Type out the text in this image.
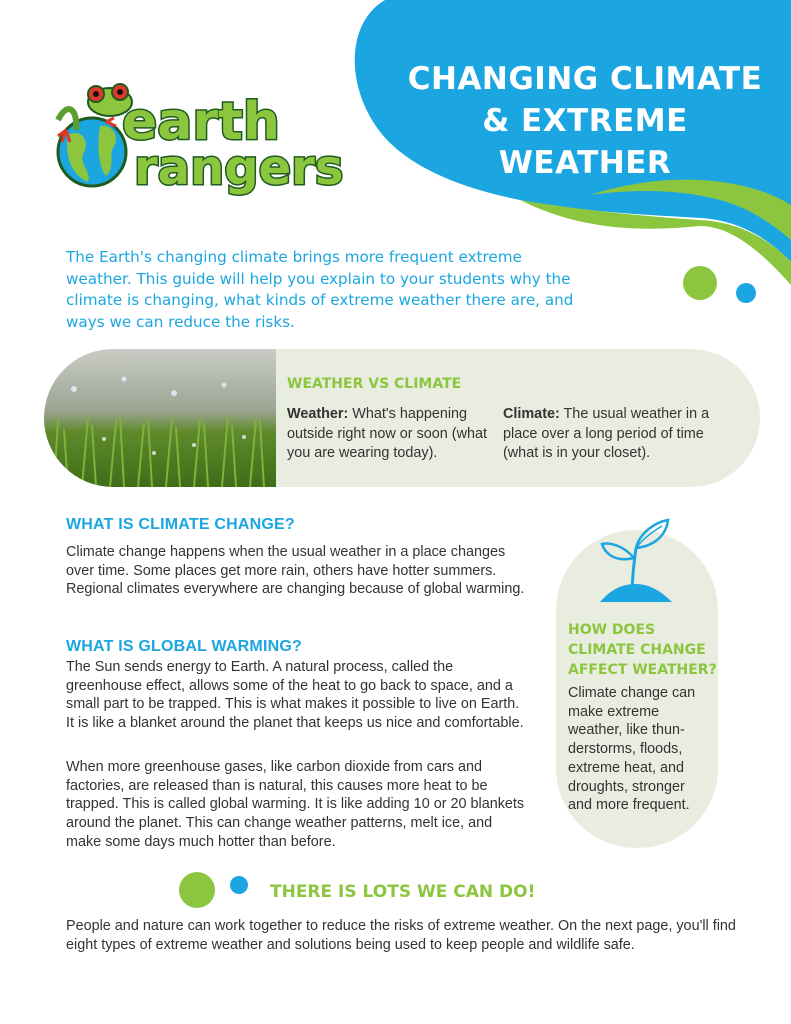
CHANGING CLIMATE
& EXTREME WEATHER
earth
rangers
The Earth's changing climate brings more frequent extreme weather. This guide will help you explain to your students why the climate is changing, what kinds of extreme weather there are, and ways we can reduce the risks.
WEATHER VS CLIMATE
Weather: What's happening outside right now or soon (what you are wearing today).
Climate: The usual weather in a place over a long period of time (what is in your closet).
WHAT IS CLIMATE CHANGE?
Climate change happens when the usual weather in a place changes over time. Some places get more rain, others have hotter summers. Regional climates everywhere are changing because of global warming.
WHAT IS GLOBAL WARMING?
The Sun sends energy to Earth. A natural process, called the greenhouse effect, allows some of the heat to go back to space, and a small part to be trapped. This is what makes it possible to live on Earth. It is like a blanket around the planet that keeps us nice and comfortable.
When more greenhouse gases, like carbon dioxide from cars and factories, are released than is natural, this causes more heat to be trapped. This is called global warming. It is like adding 10 or 20 blankets around the planet. This can change weather patterns, melt ice, and make some days much hotter than before.
HOW DOES CLIMATE CHANGE AFFECT WEATHER?
Climate change can make extreme weather, like thun-derstorms, floods, extreme heat, and droughts, stronger and more frequent.
THERE IS LOTS WE CAN DO!
People and nature can work together to reduce the risks of extreme weather. On the next page, you'll find eight types of extreme weather and solutions being used to keep people and wildlife safe.
